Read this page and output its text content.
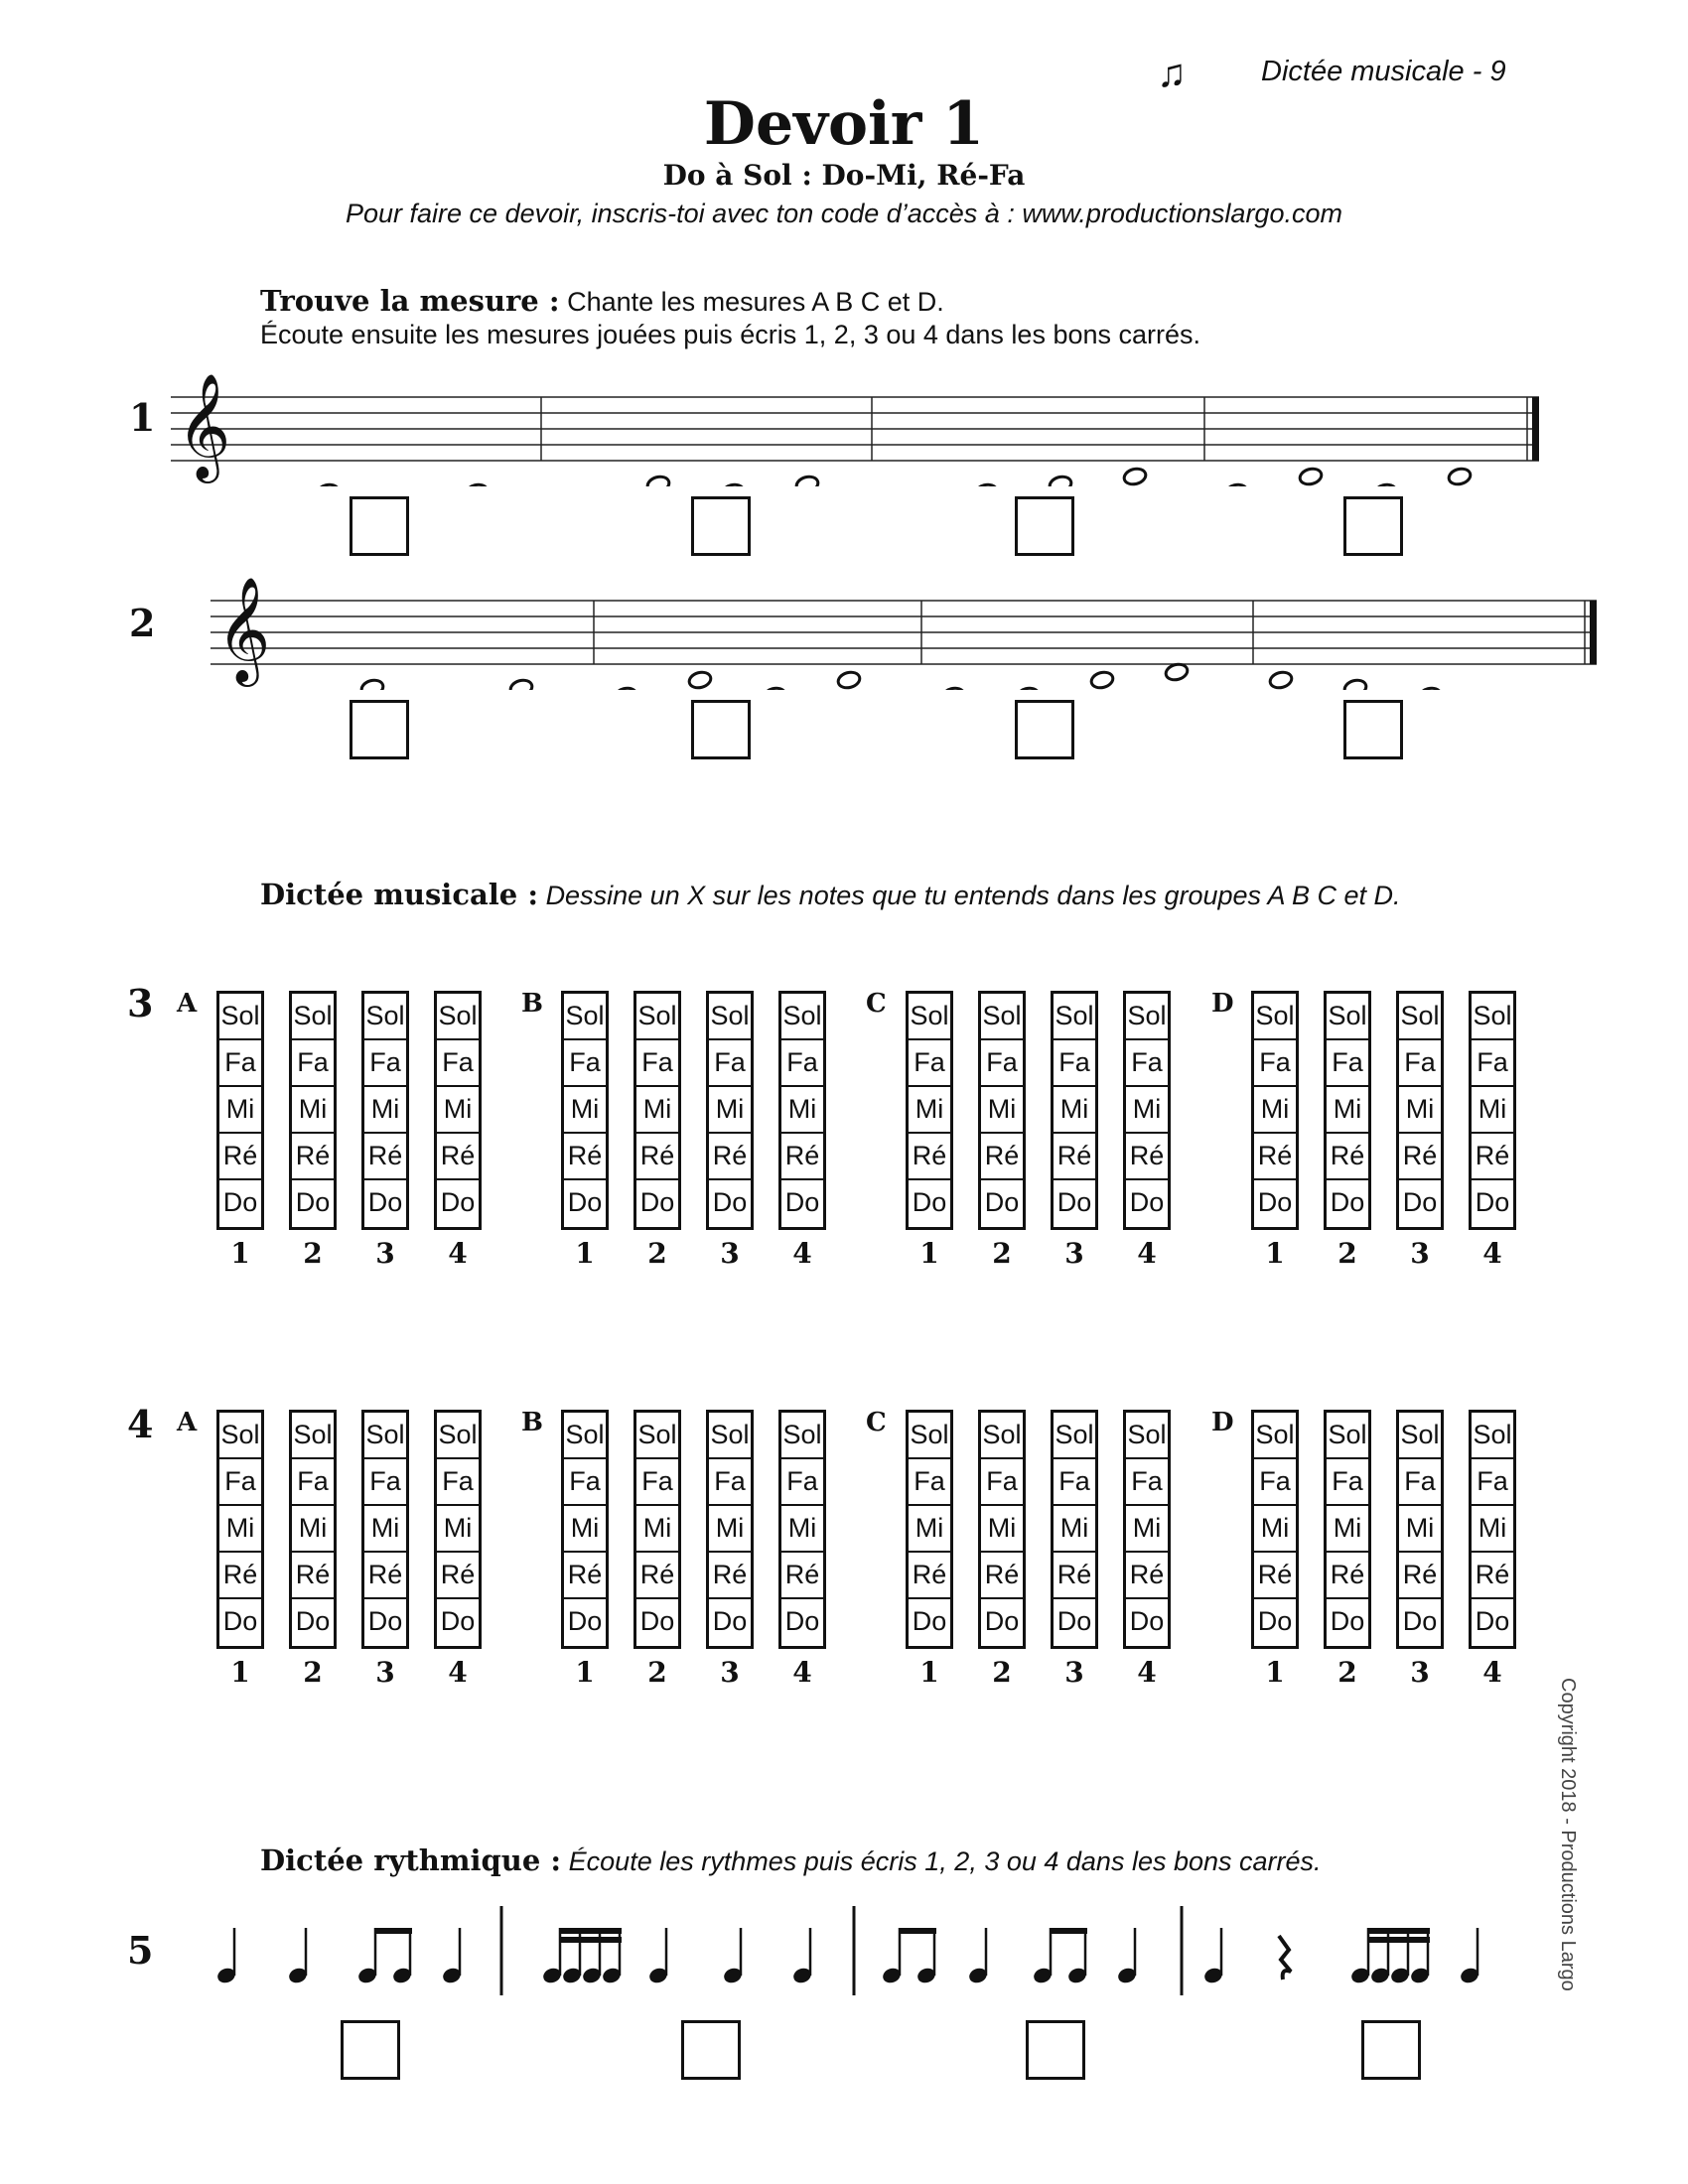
♫	Dictée musicale - 9
Devoir 1
Do à Sol : Do-Mi, Ré-Fa
Pour faire ce devoir, inscris-toi avec ton code d’accès à : www.productionslargo.com
Trouve la mesure : Chante les mesures A B C et D.
Écoute ensuite les mesures jouées puis écris 1, 2, 3 ou 4 dans les bons carrés.
1 𝄞
2 𝄞
Dictée musicale : Dessine un X sur les notes que tu entends dans les groupes A B C et D.
3 A Sol
Fa
Mi
Ré
Do
1
Sol
Fa
Mi
Ré
Do
2
Sol
Fa
Mi
Ré
Do
3
Sol
Fa
Mi
Ré
Do
4
B Sol
Fa
Mi
Ré
Do
1
Sol
Fa
Mi
Ré
Do
2
Sol
Fa
Mi
Ré
Do
3
Sol
Fa
Mi
Ré
Do
4
C Sol
Fa
Mi
Ré
Do
1
Sol
Fa
Mi
Ré
Do
2
Sol
Fa
Mi
Ré
Do
3
Sol
Fa
Mi
Ré
Do
4
D Sol
Fa
Mi
Ré
Do
1
Sol
Fa
Mi
Ré
Do
2
Sol
Fa
Mi
Ré
Do
3
Sol
Fa
Mi
Ré
Do
4
4 A Sol
Fa
Mi
Ré
Do
1
Sol
Fa
Mi
Ré
Do
2
Sol
Fa
Mi
Ré
Do
3
Sol
Fa
Mi
Ré
Do
4
B Sol
Fa
Mi
Ré
Do
1
Sol
Fa
Mi
Ré
Do
2
Sol
Fa
Mi
Ré
Do
3
Sol
Fa
Mi
Ré
Do
4
C Sol
Fa
Mi
Ré
Do
1
Sol
Fa
Mi
Ré
Do
2
Sol
Fa
Mi
Ré
Do
3
Sol
Fa
Mi
Ré
Do
4
D Sol
Fa
Mi
Ré
Do
1
Sol
Fa
Mi
Ré
Do
2
Sol
Fa
Mi
Ré
Do
3
Sol
Fa
Mi
Ré
Do
4
Dictée rythmique : Écoute les rythmes puis écris 1, 2, 3 ou 4 dans les bons carrés.
5	Copyright 2018 - Productions Largo
